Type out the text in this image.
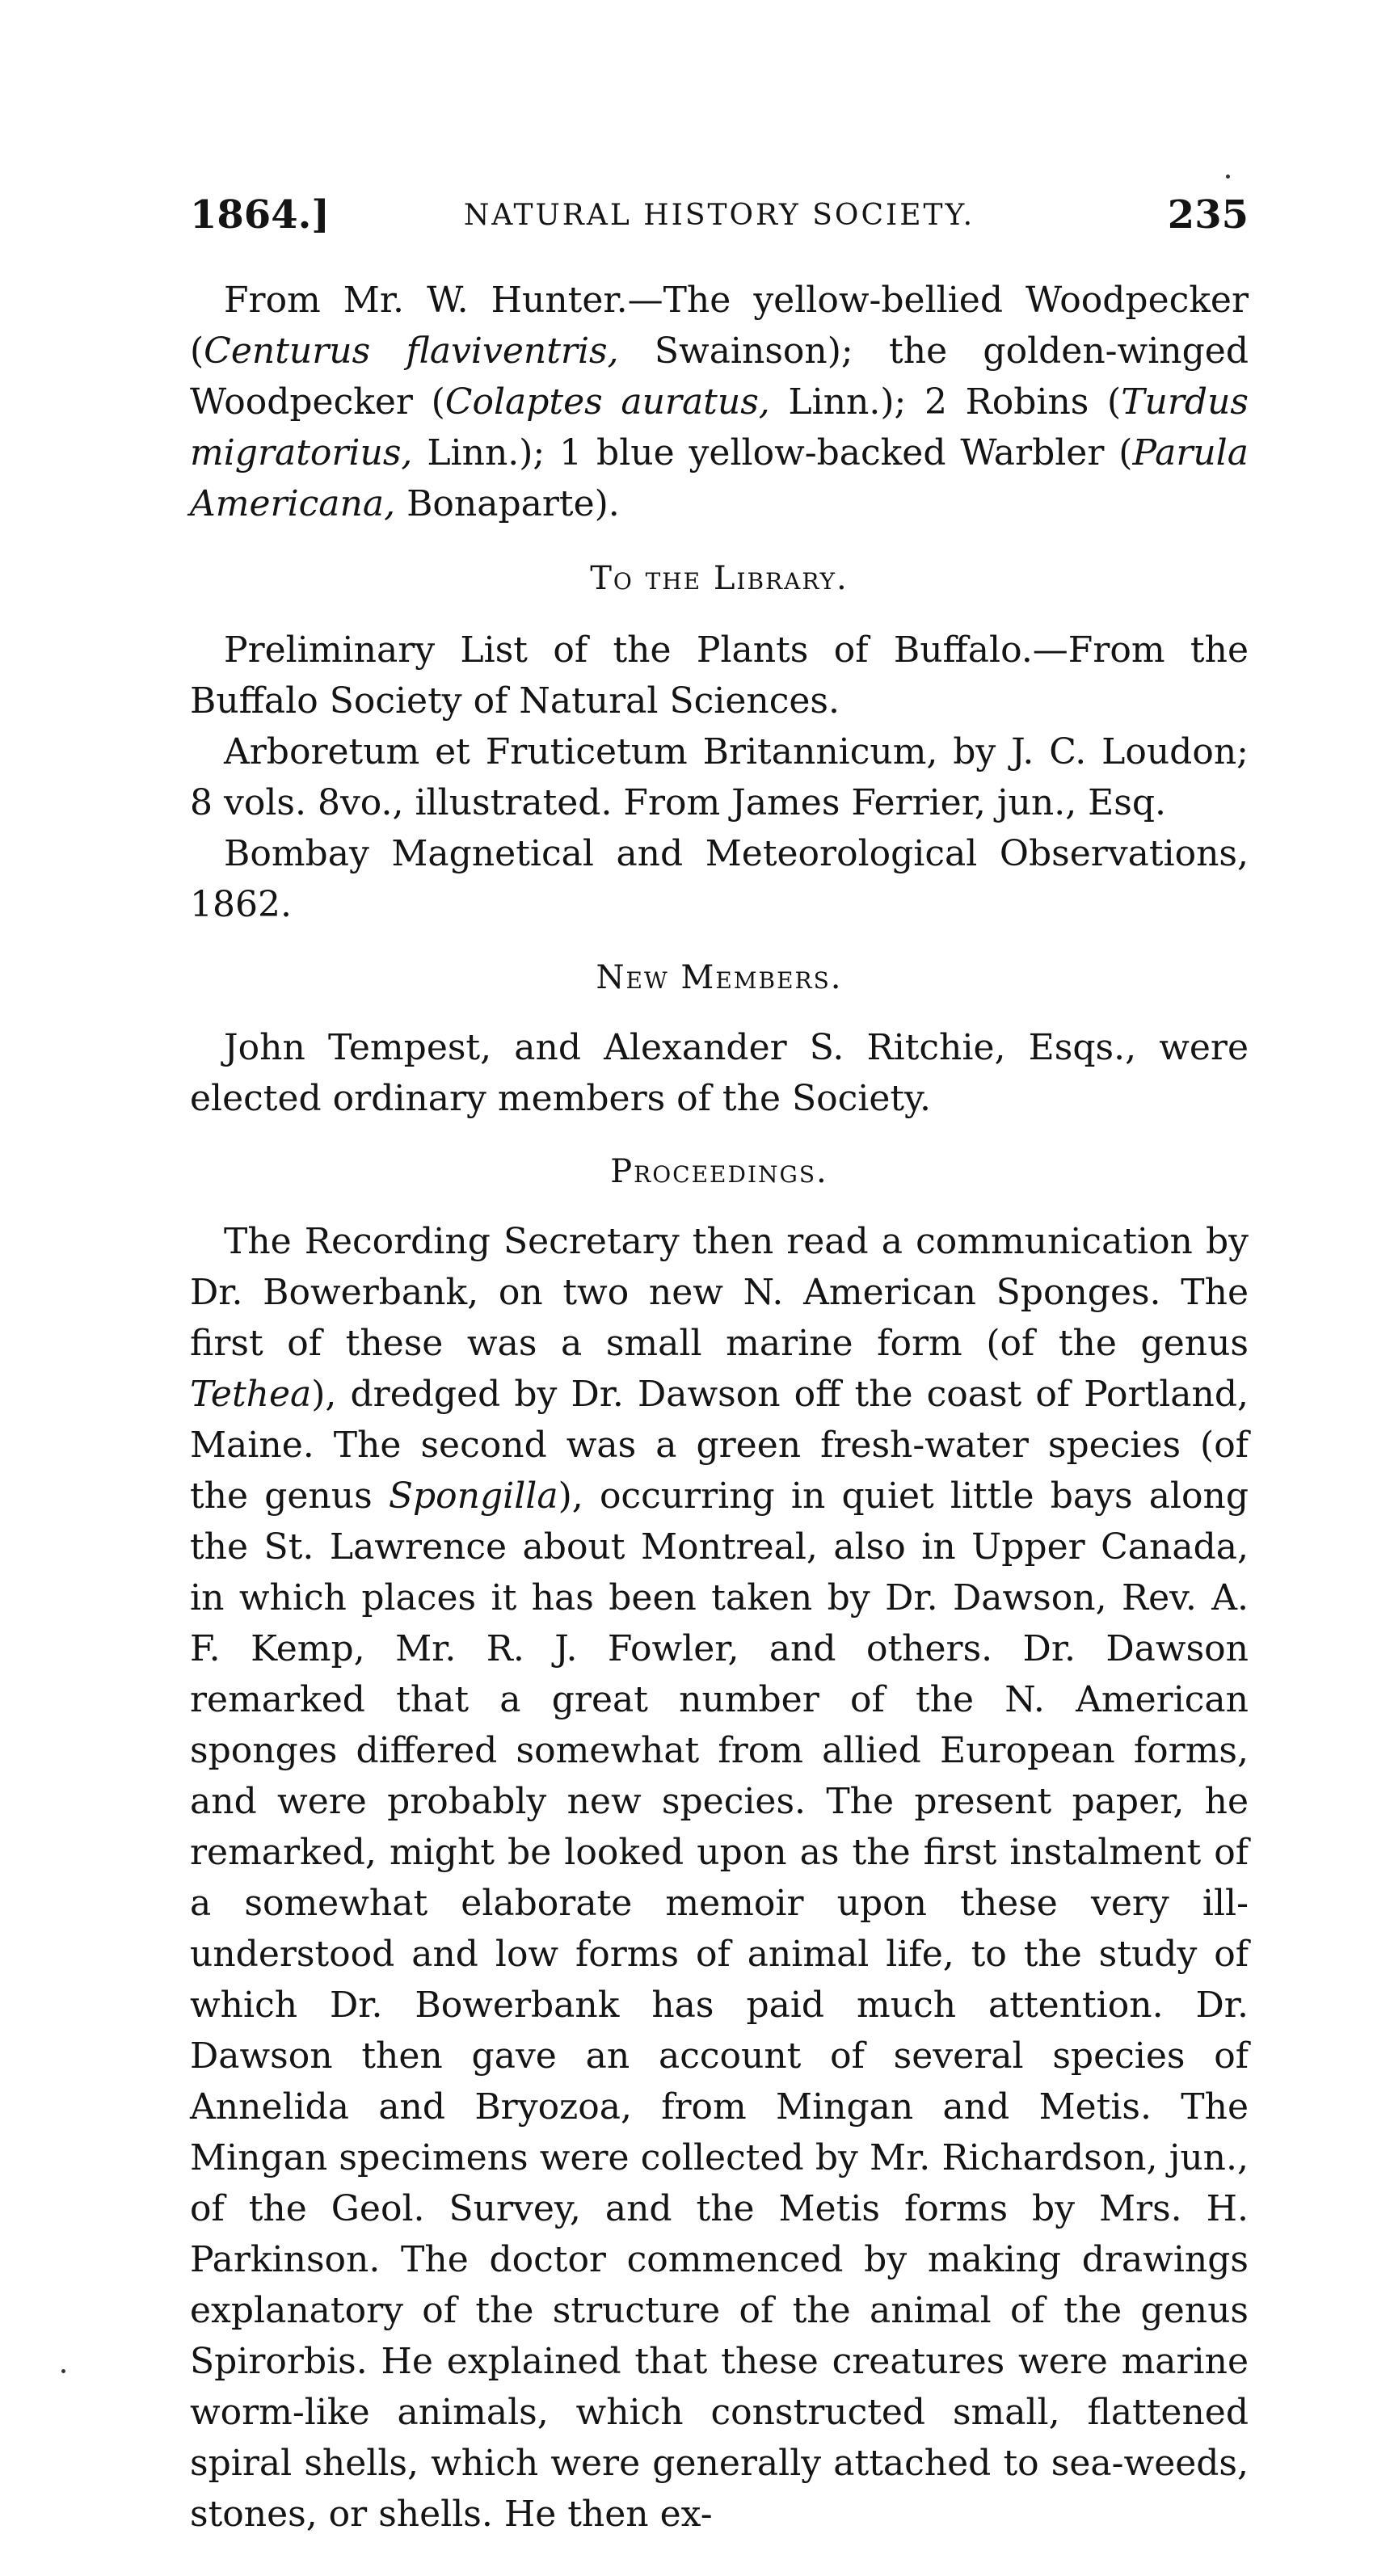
1864.]	NATURAL HISTORY SOCIETY.	235

From Mr. W. Hunter.—The yellow-bellied Woodpecker (Centurus flaviventris, Swainson); the golden-winged Woodpecker (Colaptes auratus, Linn.); 2 Robins (Turdus migratorius, Linn.); 1 blue yellow-backed Warbler (Parula Americana, Bonaparte).

To the Library.

Preliminary List of the Plants of Buffalo.—From the Buffalo Society of Natural Sciences.

Arboretum et Fruticetum Britannicum, by J. C. Loudon; 8 vols. 8vo., illustrated. From James Ferrier, jun., Esq.

Bombay Magnetical and Meteorological Observations, 1862.

New Members.

John Tempest, and Alexander S. Ritchie, Esqs., were elected ordinary members of the Society.

Proceedings.

The Recording Secretary then read a communication by Dr. Bowerbank, on two new N. American Sponges. The first of these was a small marine form (of the genus Tethea), dredged by Dr. Dawson off the coast of Portland, Maine. The second was a green fresh-water species (of the genus Spongilla), occurring in quiet little bays along the St. Lawrence about Montreal, also in Upper Canada, in which places it has been taken by Dr. Dawson, Rev. A. F. Kemp, Mr. R. J. Fowler, and others. Dr. Dawson remarked that a great number of the N. American sponges differed somewhat from allied European forms, and were probably new species. The present paper, he remarked, might be looked upon as the first instalment of a somewhat elaborate memoir upon these very ill-understood and low forms of animal life, to the study of which Dr. Bowerbank has paid much attention. Dr. Dawson then gave an account of several species of Annelida and Bryozoa, from Mingan and Metis. The Mingan specimens were collected by Mr. Richardson, jun., of the Geol. Survey, and the Metis forms by Mrs. H. Parkinson. The doctor commenced by making drawings explanatory of the structure of the animal of the genus Spirorbis. He explained that these creatures were marine worm-like animals, which constructed small, flattened spiral shells, which were generally attached to sea-weeds, stones, or shells. He then ex-
